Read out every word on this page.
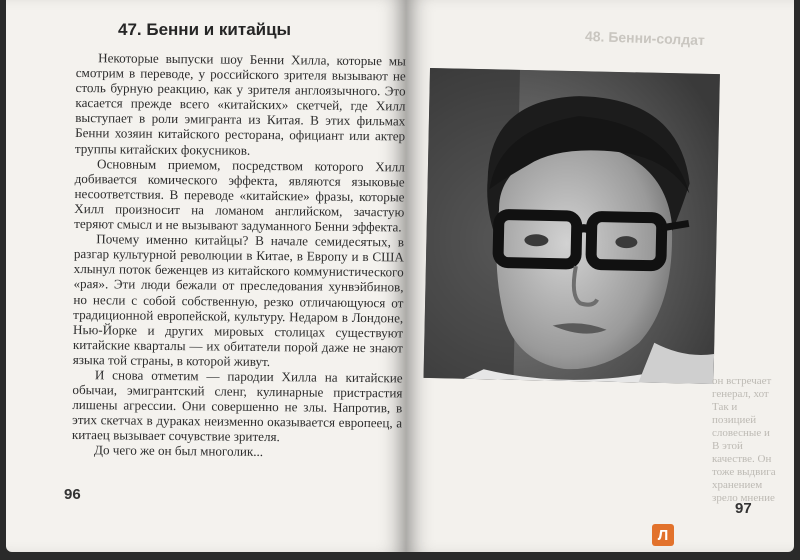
47. Бенни и китайцы

Некоторые выпуски шоу Бенни Хилла, которые мы смотрим в переводе, у российского зрителя вызывают не столь бурную реакцию, как у зрителя англоязычного. Это касается прежде всего «китайских» скетчей, где Хилл выступает в роли эмигранта из Китая. В этих фильмах Бенни хозяин китайского ресторана, официант или актер труппы китайских фокусников.

Основным приемом, посредством которого Хилл добивается комического эффекта, являются языковые несоответствия. В переводе «китайские» фразы, которые Хилл произносит на ломаном английском, зачастую теряют смысл и не вызывают задуманного Бенни эффекта.

Почему именно китайцы? В начале семидесятых, в разгар культурной революции в Китае, в Европу и в США хлынул поток беженцев из китайского коммунистического «рая». Эти люди бежали от преследования хунвэйбинов, но несли с собой собственную, резко отличающуюся от традиционной европейской, культуру. Недаром в Лондоне, Нью-Йорке и других мировых столицах существуют китайские кварталы — их обитатели порой даже не знают языка той страны, в которой живут.

И снова отметим — пародии Хилла на китайские обычаи, эмигрантский сленг, кулинарные пристрастия лишены агрессии. Они совершенно не злы. Напротив, в этих скетчах в дураках неизменно оказывается европеец, а китаец вызывает сочувствие зрителя.

До чего же он был многолик...

96
48. Бенни-солдат
он встречает
генерал, хот
Так и
позицией
словесные и
В этой
качестве. Он
тоже выдвига
хранением
зрело мнение
97
Л
